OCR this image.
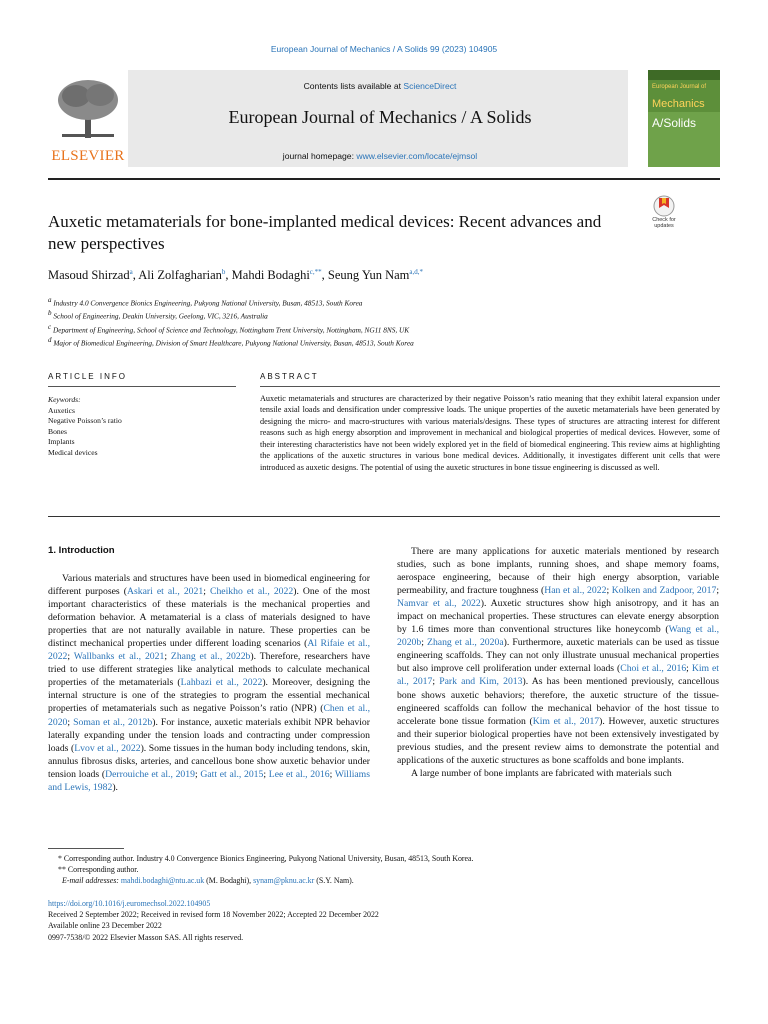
European Journal of Mechanics / A Solids 99 (2023) 104905
ELSEVIER
Contents lists available at ScienceDirect
European Journal of Mechanics / A Solids
journal homepage: www.elsevier.com/locate/ejmsol
European Journal of
Mechanics
A/Solids
Check for
updates
Auxetic metamaterials for bone-implanted medical devices: Recent advances and new perspectives
Masoud Shirzad$^a$, Ali Zolfagharian$^b$, Mahdi Bodaghi$^{c,**}$, Seung Yun Nam$^{a,d,*}$
$^a$ Industry 4.0 Convergence Bionics Engineering, Pukyong National University, Busan, 48513, South Korea
$^b$ School of Engineering, Deakin University, Geelong, VIC, 3216, Australia
$^c$ Department of Engineering, School of Science and Technology, Nottingham Trent University, Nottingham, NG11 8NS, UK
$^d$ Major of Biomedical Engineering, Division of Smart Healthcare, Pukyong National University, Busan, 48513, South Korea
ARTICLE INFO	ABSTRACT
Keywords:
Auxetics
Negative Poisson’s ratio
Bones
Implants
Medical devices
Auxetic metamaterials and structures are characterized by their negative Poisson’s ratio meaning that they exhibit lateral expansion under tensile axial loads and densification under compressive loads. The unique properties of the auxetic metamaterials have been generated by designing the micro- and macro-structures with various materials/designs. These types of structures are attracting interest for different reasons such as high energy absorption and improvement in mechanical and biological properties of medical devices. However, some of their interesting characteristics have not been widely explored yet in the field of biomedical engineering. This review aims at highlighting the applications of the auxetic structures in various bone medical devices. Additionally, it investigates different unit cells that were introduced as auxetic designs. The potential of using the auxetic structures in bone tissue engineering is discussed as well.
1. Introduction

Various materials and structures have been used in biomedical engineering for different purposes (Askari et al., 2021; Cheikho et al., 2022). One of the most important characteristics of these materials is the mechanical properties and deformation behavior. A metamaterial is a class of materials designed to have properties that are not naturally available in nature. These properties can be distinct mechanical properties under different loading scenarios (Al Rifaie et al., 2022; Wallbanks et al., 2021; Zhang et al., 2022b). Therefore, researchers have tried to use different strategies like analytical methods to calculate mechanical properties of the metamaterials (Lahbazi et al., 2022). Moreover, designing the internal structure is one of the strategies to program the essential mechanical properties of metamaterials such as negative Poisson’s ratio (NPR) (Chen et al., 2020; Soman et al., 2012b). For instance, auxetic materials exhibit NPR behavior laterally expanding under the tension loads and contracting under compression loads (Lvov et al., 2022). Some tissues in the human body including tendons, skin, annulus fibrosus disks, arteries, and cancellous bone show auxetic behavior under tension loads (Derrouiche et al., 2019; Gatt et al., 2015; Lee et al., 2016; Williams and Lewis, 1982).

There are many applications for auxetic materials mentioned by research studies, such as bone implants, running shoes, and shape memory foams, aerospace engineering, because of their high energy absorption, variable permeability, and fracture toughness (Han et al., 2022; Kolken and Zadpoor, 2017; Namvar et al., 2022). Auxetic structures show high anisotropy, and it has an impact on mechanical properties. These structures can elevate energy absorption by 1.6 times more than conventional structures like honeycomb (Wang et al., 2020b; Zhang et al., 2020a). Furthermore, auxetic materials can be used as tissue engineering scaffolds. They can not only illustrate unusual mechanical properties but also improve cell proliferation under external loads (Choi et al., 2016; Kim et al., 2017; Park and Kim, 2013). As has been mentioned previously, cancellous bone shows auxetic behaviors; therefore, the auxetic structure of the tissue-engineered scaffolds can follow the mechanical behavior of the host tissue to accelerate bone tissue formation (Kim et al., 2017). However, auxetic structures and their superior biological properties have not been extensively investigated by previous studies, and the present review aims to demonstrate the potential and applications of the auxetic structures as bone scaffolds and bone implants.

A large number of bone implants are fabricated with materials such

* Corresponding author. Industry 4.0 Convergence Bionics Engineering, Pukyong National University, Busan, 48513, South Korea.
** Corresponding author.
E-mail addresses: mahdi.bodaghi@ntu.ac.uk (M. Bodaghi), synam@pknu.ac.kr (S.Y. Nam).
https://doi.org/10.1016/j.euromechsol.2022.104905
Received 2 September 2022; Received in revised form 18 November 2022; Accepted 22 December 2022
Available online 23 December 2022
0997-7538/© 2022 Elsevier Masson SAS. All rights reserved.
